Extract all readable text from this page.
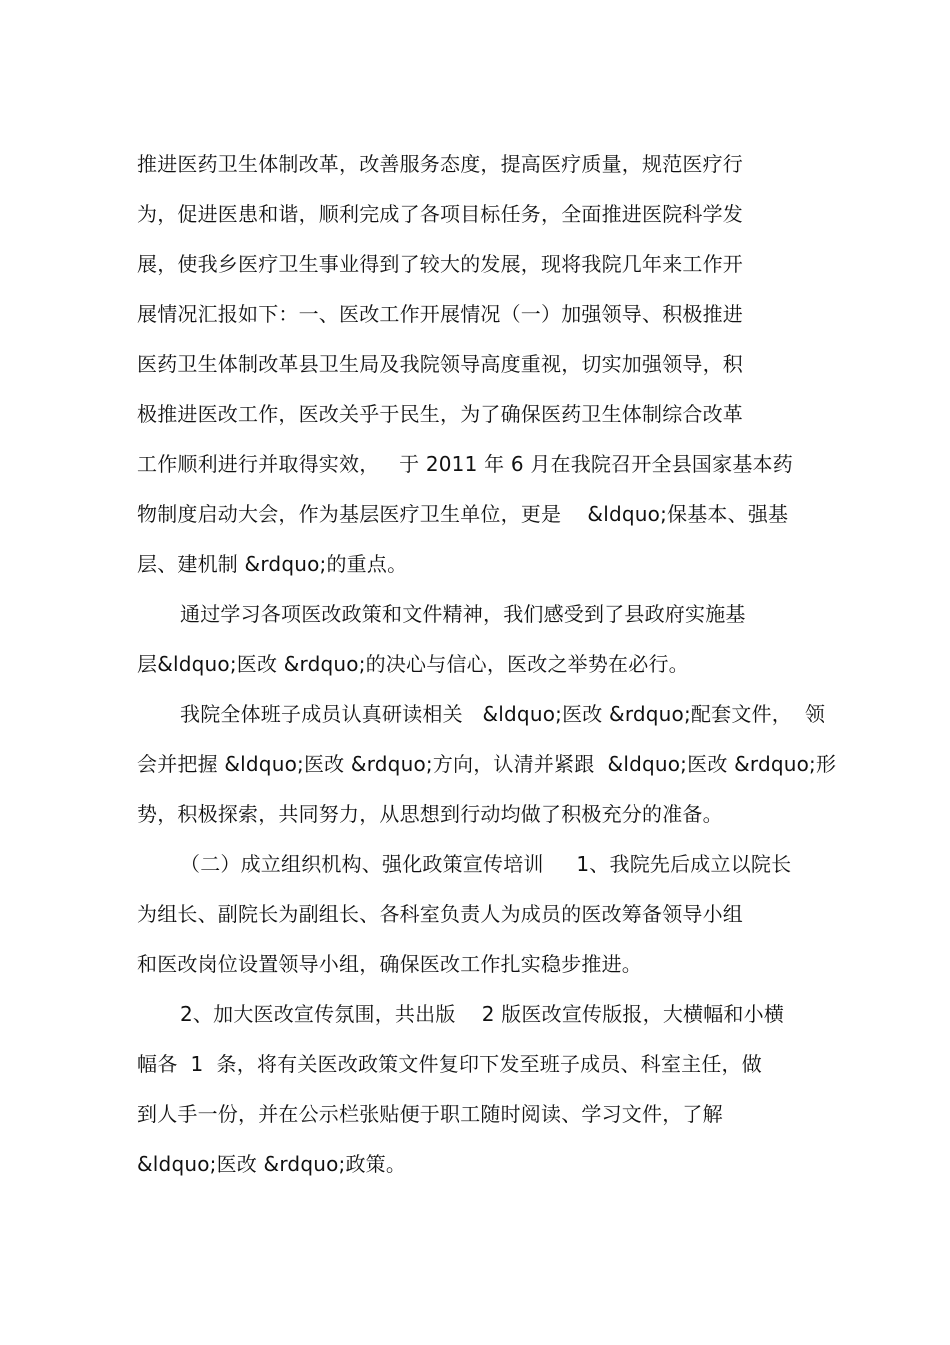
推进医药卫生体制改革，改善服务态度，提高医疗质量，规范医疗行
为，促进医患和谐，顺利完成了各项目标任务，全面推进医院科学发
展，使我乡医疗卫生事业得到了较大的发展，现将我院几年来工作开
展情况汇报如下：一、医改工作开展情况（一）加强领导、积极推进
医药卫生体制改革县卫生局及我院领导高度重视，切实加强领导，积
极推进医改工作，医改关乎于民生，为了确保医药卫生体制综合改革
工作顺利进行并取得实效，   于 2011 年 6 月在我院召开全县国家基本药
物制度启动大会，作为基层医疗卫生单位，更是    &ldquo;保基本、强基
层、建机制 &rdquo;的重点。
通过学习各项医改政策和文件精神，我们感受到了县政府实施基
层&ldquo;医改 &rdquo;的决心与信心，医改之举势在必行。
我院全体班子成员认真研读相关   &ldquo;医改 &rdquo;配套文件，  领
会并把握 &ldquo;医改 &rdquo;方向，认清并紧跟  &ldquo;医改 &rdquo;形
势，积极探索，共同努力，从思想到行动均做了积极充分的准备。
（二）成立组织机构、强化政策宣传培训     1、我院先后成立以院长
为组长、副院长为副组长、各科室负责人为成员的医改筹备领导小组
和医改岗位设置领导小组，确保医改工作扎实稳步推进。
2、加大医改宣传氛围，共出版    2 版医改宣传版报，大横幅和小横
幅各  1  条，将有关医改政策文件复印下发至班子成员、科室主任，做
到人手一份，并在公示栏张贴便于职工随时阅读、学习文件，了解
&ldquo;医改 &rdquo;政策。
